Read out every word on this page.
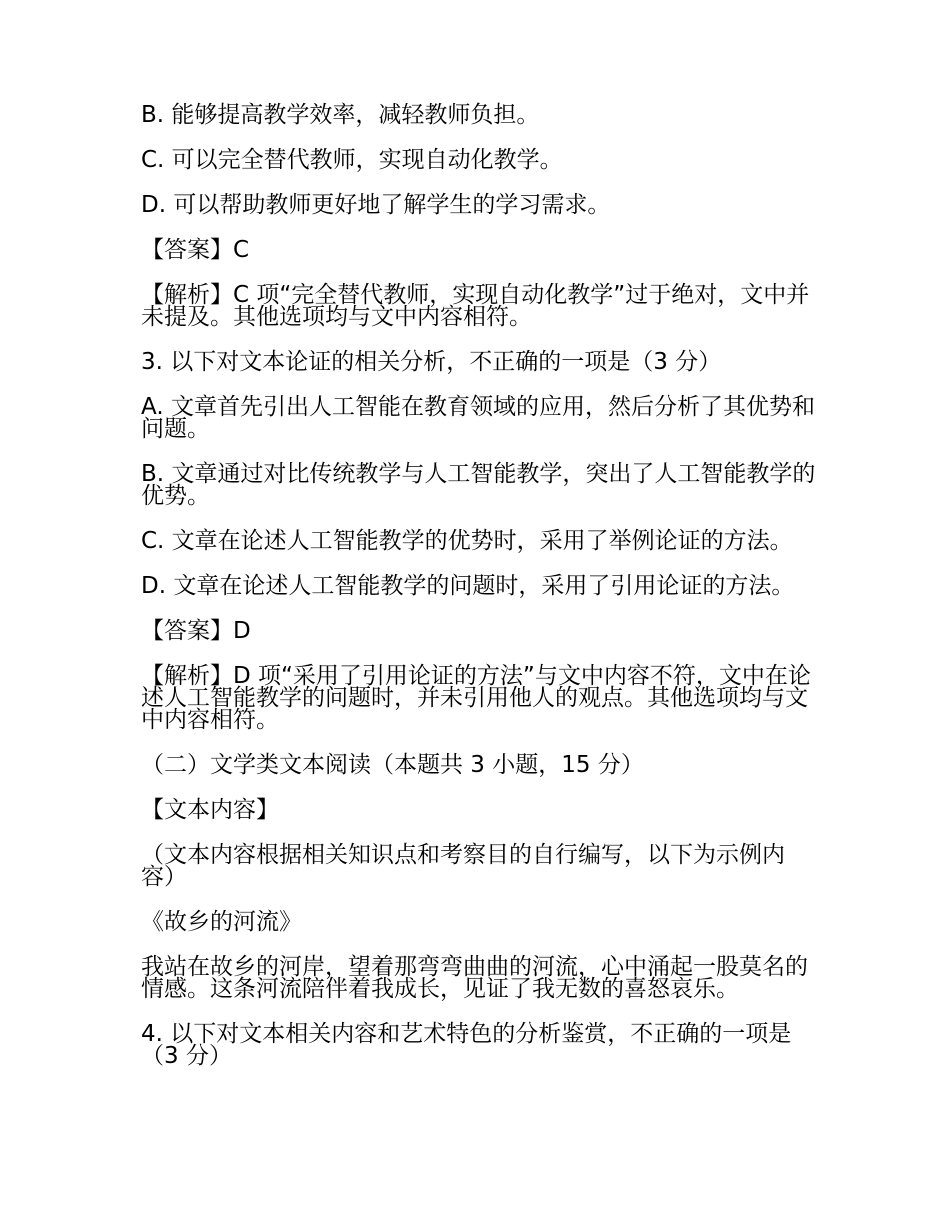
B. 能够提高教学效率，减轻教师负担。

C. 可以完全替代教师，实现自动化教学。

D. 可以帮助教师更好地了解学生的学习需求。

【答案】C

【解析】C 项“完全替代教师，实现自动化教学”过于绝对，文中并未提及。其他选项均与文中内容相符。

3. 以下对文本论证的相关分析，不正确的一项是（3 分）

A. 文章首先引出人工智能在教育领域的应用，然后分析了其优势和问题。

B. 文章通过对比传统教学与人工智能教学，突出了人工智能教学的优势。

C. 文章在论述人工智能教学的优势时，采用了举例论证的方法。

D. 文章在论述人工智能教学的问题时，采用了引用论证的方法。

【答案】D

【解析】D 项“采用了引用论证的方法”与文中内容不符，文中在论述人工智能教学的问题时，并未引用他人的观点。其他选项均与文中内容相符。

（二）文学类文本阅读（本题共 3 小题，15 分）

【文本内容】

（文本内容根据相关知识点和考察目的自行编写，以下为示例内容）

《故乡的河流》

我站在故乡的河岸，望着那弯弯曲曲的河流，心中涌起一股莫名的情感。这条河流陪伴着我成长，见证了我无数的喜怒哀乐。

4. 以下对文本相关内容和艺术特色的分析鉴赏，不正确的一项是（3 分）
